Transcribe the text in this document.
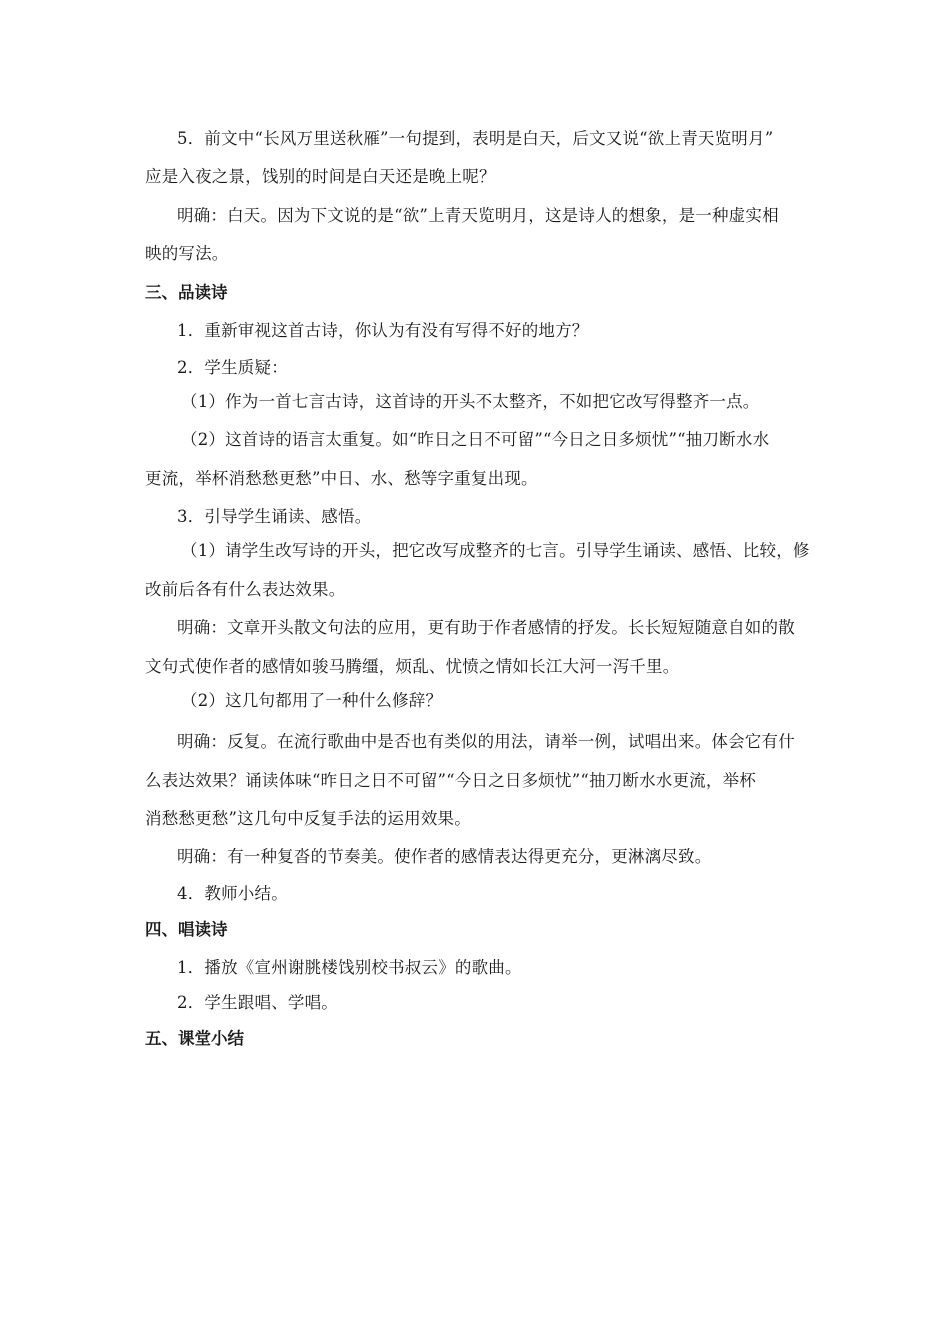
5．前文中“长风万里送秋雁”一句提到，表明是白天，后文又说“欲上青天览明月”
应是入夜之景，饯别的时间是白天还是晚上呢？
明确：白天。因为下文说的是“欲”上青天览明月，这是诗人的想象，是一种虚实相
映的写法。
三、品读诗
1．重新审视这首古诗，你认为有没有写得不好的地方？
2．学生质疑：
（1）作为一首七言古诗，这首诗的开头不太整齐，不如把它改写得整齐一点。
（2）这首诗的语言太重复。如“昨日之日不可留”“今日之日多烦忧”“抽刀断水水
更流，举杯消愁愁更愁”中日、水、愁等字重复出现。
3．引导学生诵读、感悟。
（1）请学生改写诗的开头，把它改写成整齐的七言。引导学生诵读、感悟、比较，修
改前后各有什么表达效果。
明确：文章开头散文句法的应用，更有助于作者感情的抒发。长长短短随意自如的散
文句式使作者的感情如骏马腾缰，烦乱、忧愤之情如长江大河一泻千里。
（2）这几句都用了一种什么修辞？
明确：反复。在流行歌曲中是否也有类似的用法，请举一例，试唱出来。体会它有什
么表达效果？诵读体味“昨日之日不可留”“今日之日多烦忧”“抽刀断水水更流，举杯
消愁愁更愁”这几句中反复手法的运用效果。
明确：有一种复沓的节奏美。使作者的感情表达得更充分，更淋漓尽致。
4．教师小结。
四、唱读诗
1．播放《宣州谢朓楼饯别校书叔云》的歌曲。
2．学生跟唱、学唱。
五、课堂小结
